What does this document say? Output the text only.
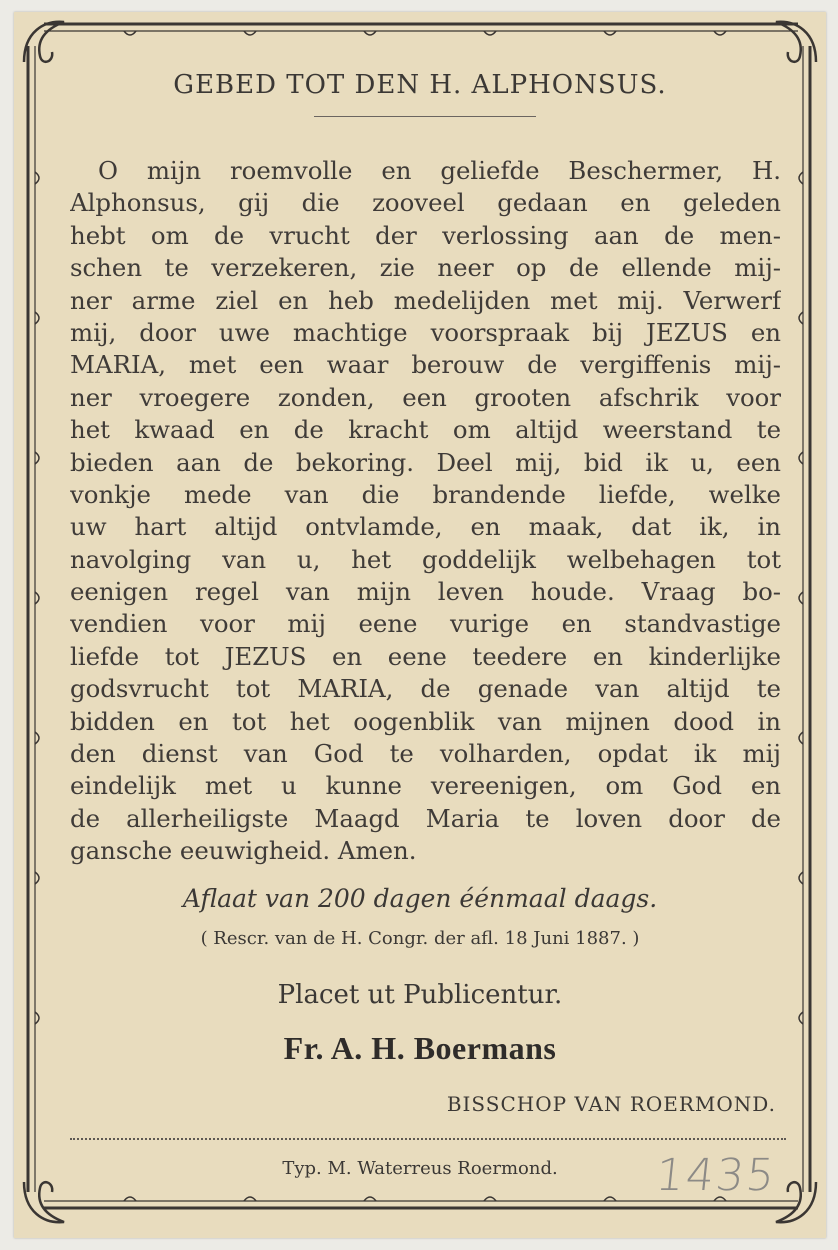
GEBED TOT DEN H. ALPHONSUS.
O mijn roemvolle en geliefde Beschermer, H.
Alphonsus, gij die zooveel gedaan en geleden
hebt om de vrucht der verlossing aan de men-
schen te verzekeren, zie neer op de ellende mij-
ner arme ziel en heb medelijden met mij. Verwerf
mij, door uwe machtige voorspraak bij JEZUS en
MARIA, met een waar berouw de vergiffenis mij-
ner vroegere zonden, een grooten afschrik voor
het kwaad en de kracht om altijd weerstand te
bieden aan de bekoring. Deel mij, bid ik u, een
vonkje mede van die brandende liefde, welke
uw hart altijd ontvlamde, en maak, dat ik, in
navolging van u, het goddelijk welbehagen tot
eenigen regel van mijn leven houde. Vraag bo-
vendien voor mij eene vurige en standvastige
liefde tot JEZUS en eene teedere en kinderlijke
godsvrucht tot MARIA, de genade van altijd te
bidden en tot het oogenblik van mijnen dood in
den dienst van God te volharden, opdat ik mij
eindelijk met u kunne vereenigen, om God en
de allerheiligste Maagd Maria te loven door de
gansche eeuwigheid. Amen.
Aflaat van 200 dagen éénmaal daags.
( Rescr. van de H. Congr. der afl. 18 Juni 1887. )
Placet ut Publicentur.
Fr. A. H. Boermans
BISSCHOP VAN ROERMOND.
Typ. M. Waterreus Roermond.	1435
